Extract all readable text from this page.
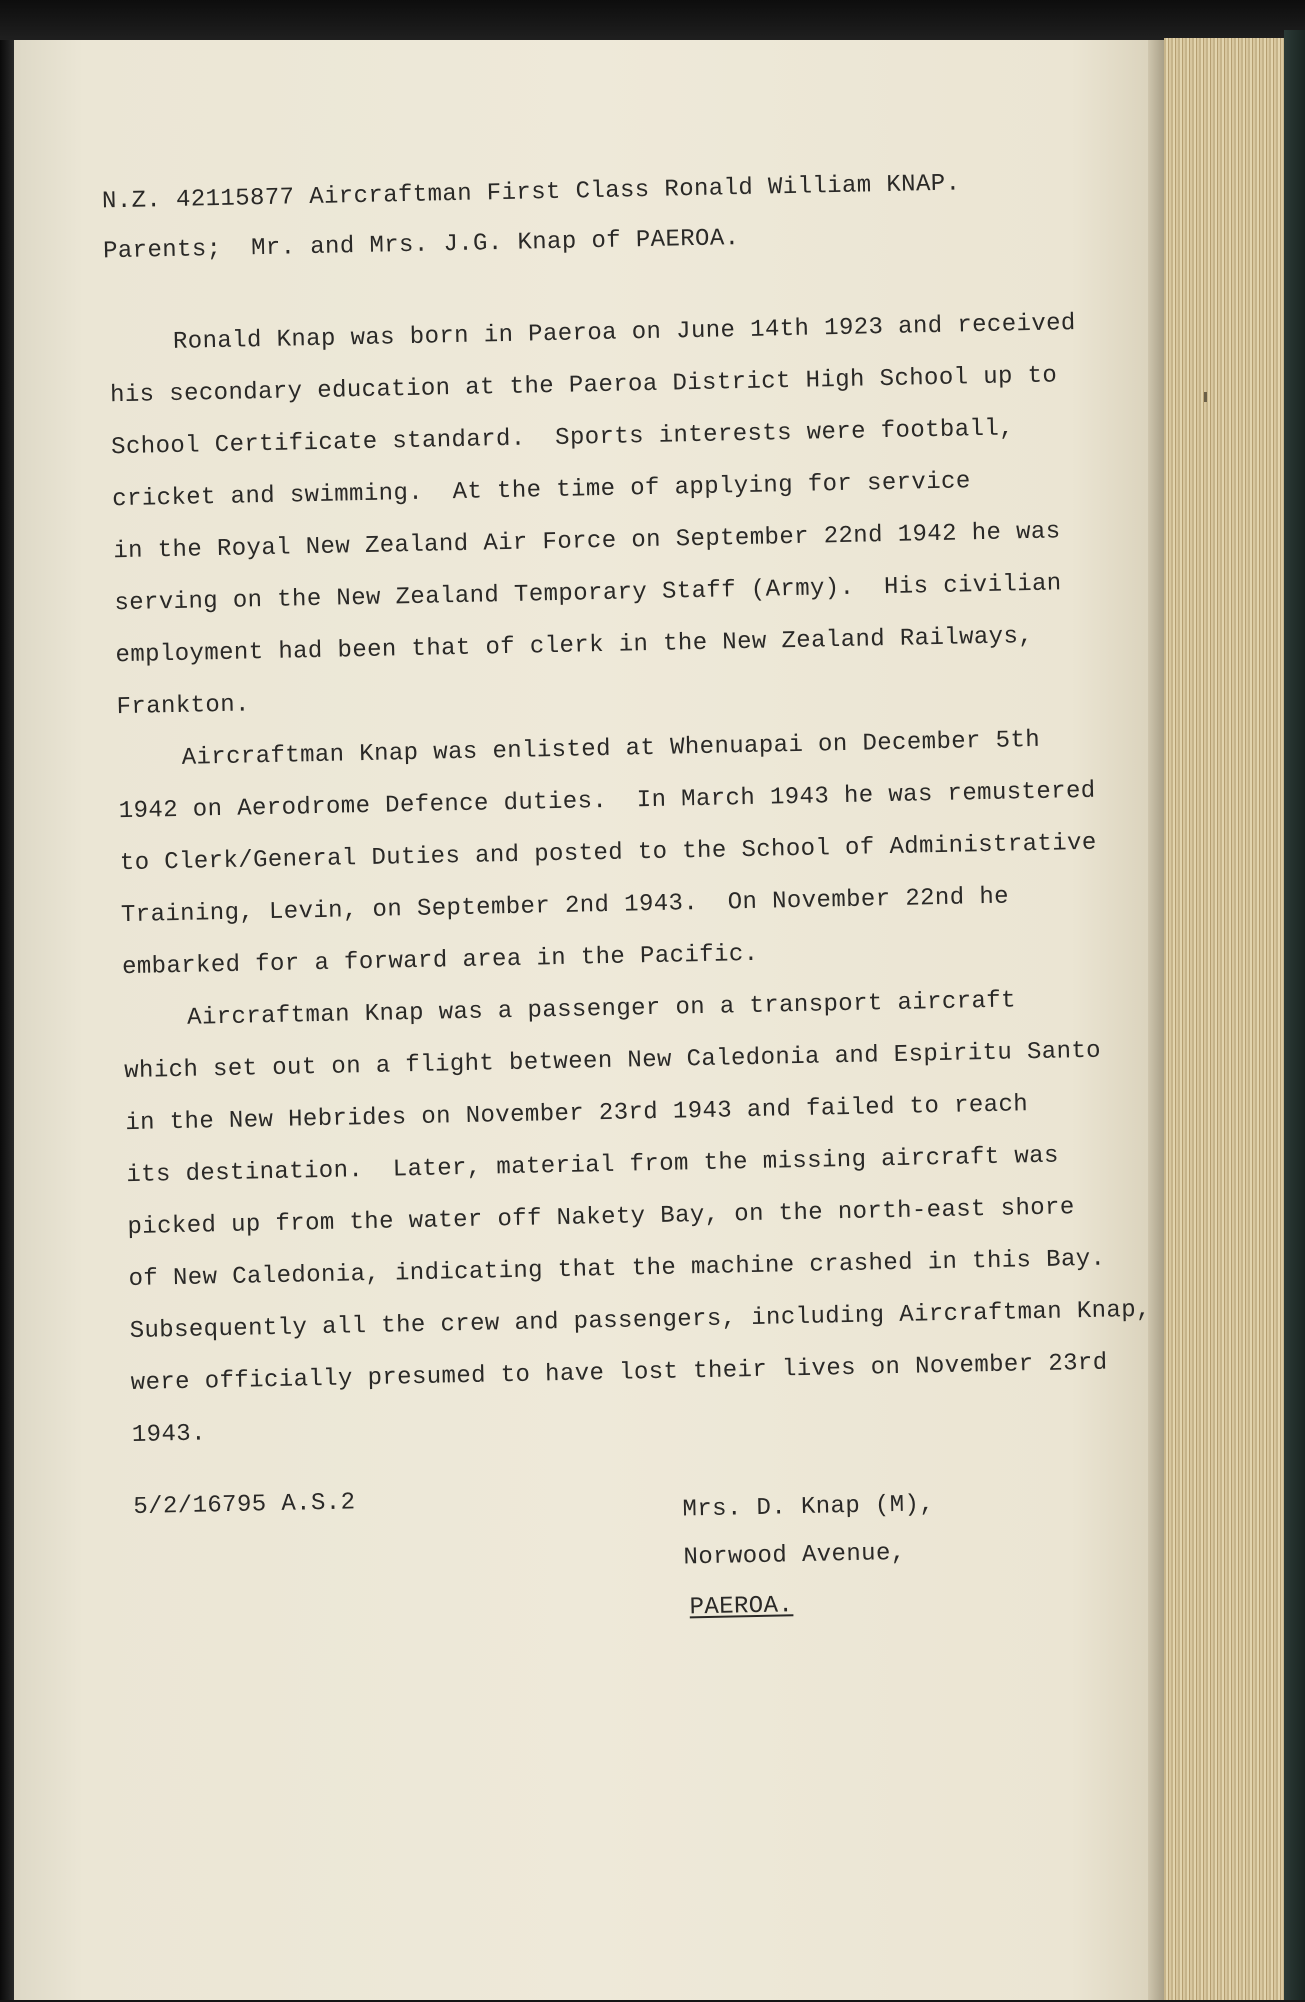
N.Z. 42115877 Aircraftman First Class Ronald William KNAP.
Parents;  Mr. and Mrs. J.G. Knap of PAEROA.
Ronald Knap was born in Paeroa on June 14th 1923 and received
his secondary education at the Paeroa District High School up to
School Certificate standard.  Sports interests were football,
cricket and swimming.  At the time of applying for service
in the Royal New Zealand Air Force on September 22nd 1942 he was
serving on the New Zealand Temporary Staff (Army).  His civilian
employment had been that of clerk in the New Zealand Railways,
Frankton.
Aircraftman Knap was enlisted at Whenuapai on December 5th
1942 on Aerodrome Defence duties.  In March 1943 he was remustered
to Clerk/General Duties and posted to the School of Administrative
Training, Levin, on September 2nd 1943.  On November 22nd he
embarked for a forward area in the Pacific.
Aircraftman Knap was a passenger on a transport aircraft
which set out on a flight between New Caledonia and Espiritu Santo
in the New Hebrides on November 23rd 1943 and failed to reach
its destination.  Later, material from the missing aircraft was
picked up from the water off Nakety Bay, on the north-east shore
of New Caledonia, indicating that the machine crashed in this Bay.
Subsequently all the crew and passengers, including Aircraftman Knap,
were officially presumed to have lost their lives on November 23rd
1943.
5/2/16795 A.S.2	Mrs. D. Knap (M),
Norwood Avenue,
PAEROA.
